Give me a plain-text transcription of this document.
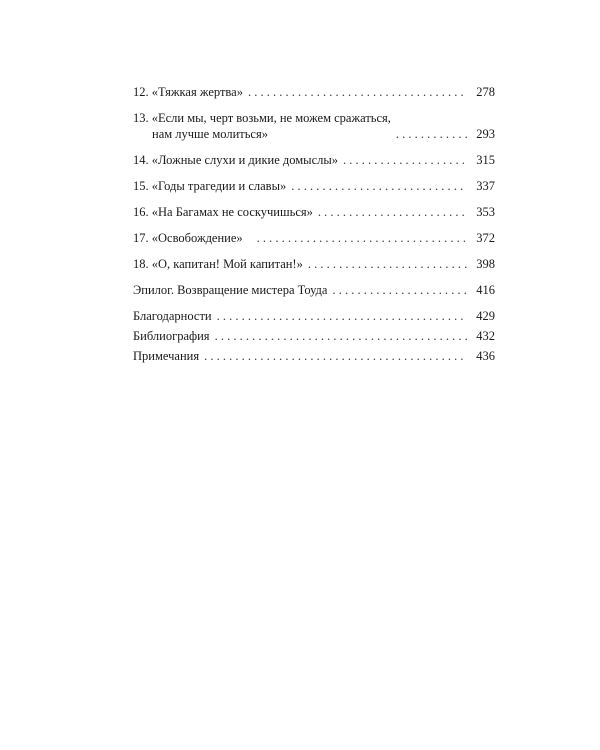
12. «Тяжкая жертва» . . .	278
13. «Если мы, черт возьми, не можем сражаться,
нам лучше молиться» . . .	293
14. «Ложные слухи и дикие домыслы» . . .	315
15. «Годы трагедии и славы» . . .	337
16. «На Багамах не соскучишься» . . .	353
17. «Освобождение» . . .	372
18. «О, капитан! Мой капитан!» . . .	398
Эпилог. Возвращение мистера Тоуда . . .	416
Благодарности . . .	429
Библиография . . .	432
Примечания . . .	436
